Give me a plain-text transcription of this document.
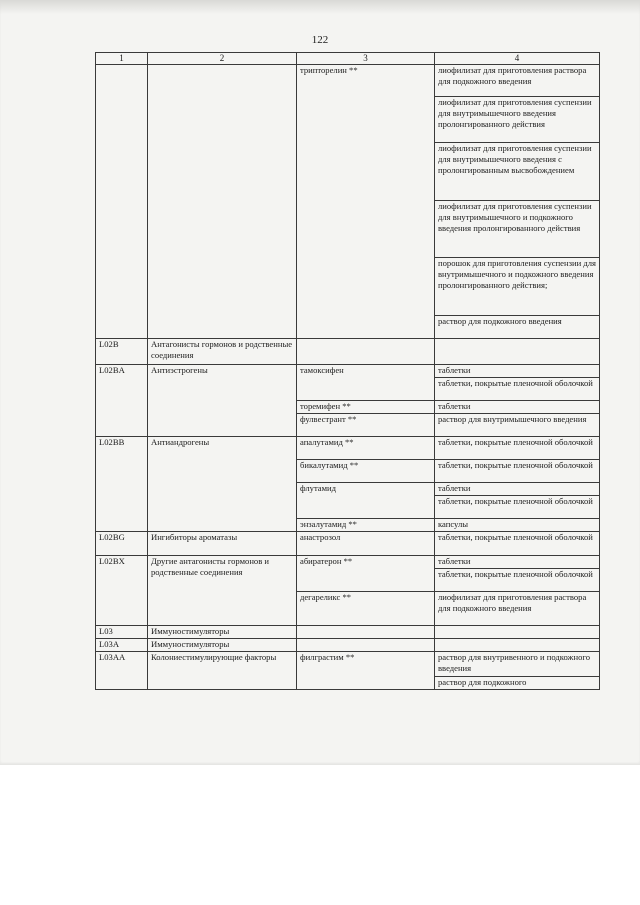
122
1	2	3	4
		трипторелин **	лиофилизат для приготовления раствора для подкожного введения
			лиофилизат для приготовления суспензии для внутримышечного введения пролонгированного действия
			лиофилизат для приготовления суспензии для внутримышечного введения с пролонгированным высвобождением
			лиофилизат для приготовления суспензии для внутримышечного и подкожного введения пролонгированного действия
			порошок для приготовления суспензии для внутримышечного и подкожного введения пролонгированного действия;
			раствор для подкожного введения
L02B	Антагонисты гормонов и родственные соединения		
L02BA	Антиэстрогены	тамоксифен	таблетки
			таблетки, покрытые пленочной оболочкой
		торемифен **	таблетки
		фулвестрант **	раствор для внутримышечного введения
L02BB	Антиандрогены	апалутамид **	таблетки, покрытые пленочной оболочкой
		бикалутамид **	таблетки, покрытые пленочной оболочкой
		флутамид	таблетки
			таблетки, покрытые пленочной оболочкой
		энзалутамид **	капсулы
L02BG	Ингибиторы ароматазы	анастрозол	таблетки, покрытые пленочной оболочкой
L02BX	Другие антагонисты гормонов и родственные соединения	абиратерон **	таблетки
			таблетки, покрытые пленочной оболочкой
		дегареликс **	лиофилизат для приготовления раствора для подкожного введения
L03	Иммуностимуляторы		
L03A	Иммуностимуляторы		
L03AA	Колониестимулирующие факторы	филграстим **	раствор для внутривенного и подкожного введения
			раствор для подкожного
